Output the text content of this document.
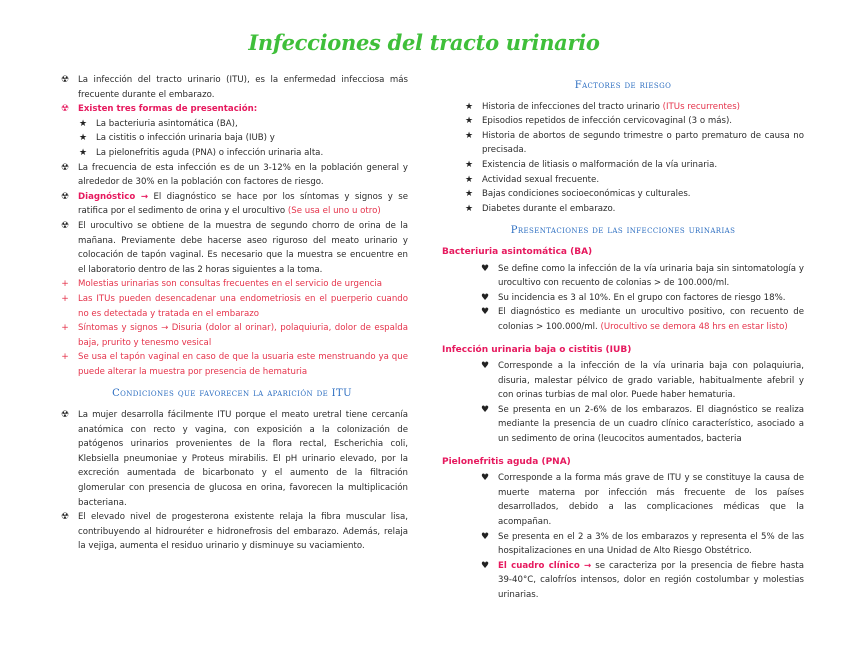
Infecciones del tracto urinario
☢	La infección del tracto urinario (ITU), es la enfermedad infecciosa más frecuente durante el embarazo.
☢	Existen tres formas de presentación:
★	La bacteriuria asintomática (BA),
★	La cistitis o infección urinaria baja (IUB) y
★	La pielonefritis aguda (PNA) o infección urinaria alta.
☢	La frecuencia de esta infección es de un 3-12% en la población general y alrededor de 30% en la población con factores de riesgo.
☢	Diagnóstico → El diagnóstico se hace por los síntomas y signos y se ratifica por el sedimento de orina y el urocultivo (Se usa el uno u otro)
☢	El urocultivo se obtiene de la muestra de segundo chorro de orina de la mañana. Previamente debe hacerse aseo riguroso del meato urinario y colocación de tapón vaginal. Es necesario que la muestra se encuentre en el laboratorio dentro de las 2 horas siguientes a la toma.
+	Molestias urinarias son consultas frecuentes en el servicio de urgencia
+	Las ITUs pueden desencadenar una endometriosis en el puerperio cuando no es detectada y tratada en el embarazo
+	Síntomas y signos → Disuria (dolor al orinar), polaquiuria, dolor de espalda baja, prurito y tenesmo vesical
+	Se usa el tapón vaginal en caso de que la usuaria este menstruando ya que puede alterar la muestra por presencia de hematuria
Condiciones que favorecen la aparición de ITU
☢	La mujer desarrolla fácilmente ITU porque el meato uretral tiene cercanía anatómica con recto y vagina, con exposición a la colonización de patógenos urinarios provenientes de la flora rectal, Escherichia coli, Klebsiella pneumoniae y Proteus mirabilis. El pH urinario elevado, por la excreción aumentada de bicarbonato y el aumento de la filtración glomerular con presencia de glucosa en orina, favorecen la multiplicación bacteriana.
☢	El elevado nivel de progesterona existente relaja la fibra muscular lisa, contribuyendo al hidrouréter e hidronefrosis del embarazo. Además, relaja la vejiga, aumenta el residuo urinario y disminuye su vaciamiento.
Factores de riesgo
★	Historia de infecciones del tracto urinario (ITUs recurrentes)
★	Episodios repetidos de infección cervicovaginal (3 o más).
★	Historia de abortos de segundo trimestre o parto prematuro de causa no precisada.
★	Existencia de litiasis o malformación de la vía urinaria.
★	Actividad sexual frecuente.
★	Bajas condiciones socioeconómicas y culturales.
★	Diabetes durante el embarazo.
Presentaciones de las infecciones urinarias
Bacteriuria asintomática (BA)
♥	Se define como la infección de la vía urinaria baja sin sintomatología y urocultivo con recuento de colonias > de 100.000/ml.
♥	Su incidencia es 3 al 10%. En el grupo con factores de riesgo 18%.
♥	El diagnóstico es mediante un urocultivo positivo, con recuento de colonias > 100.000/ml. (Urocultivo se demora 48 hrs en estar listo)
Infección urinaria baja o cistitis (IUB)
♥	Corresponde a la infección de la vía urinaria baja con polaquiuria, disuria, malestar pélvico de grado variable, habitualmente afebril y con orinas turbias de mal olor. Puede haber hematuria.
♥	Se presenta en un 2-6% de los embarazos. El diagnóstico se realiza mediante la presencia de un cuadro clínico característico, asociado a un sedimento de orina (leucocitos aumentados, bacteria
Pielonefritis aguda (PNA)
♥	Corresponde a la forma más grave de ITU y se constituye la causa de muerte materna por infección más frecuente de los países desarrollados, debido a las complicaciones médicas que la acompañan.
♥	Se presenta en el 2 a 3% de los embarazos y representa el 5% de las hospitalizaciones en una Unidad de Alto Riesgo Obstétrico.
♥	El cuadro clínico → se caracteriza por la presencia de fiebre hasta 39-40°C, calofríos intensos, dolor en región costolumbar y molestias urinarias.
